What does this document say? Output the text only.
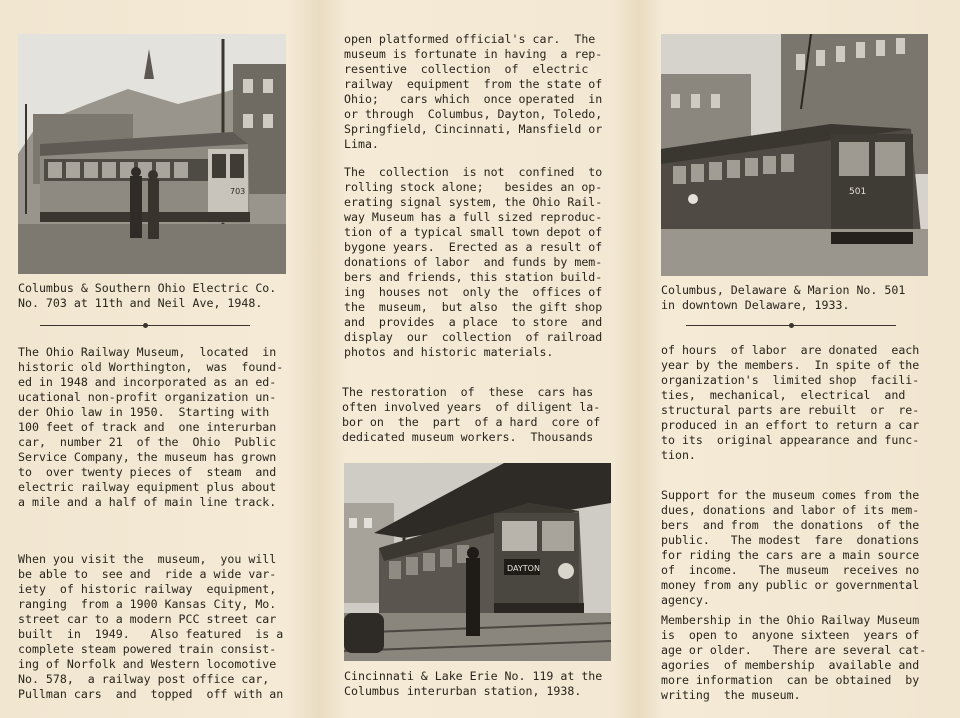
703
Columbus & Southern Ohio Electric Co.
No. 703 at 11th and Neil Ave, 1948.
The Ohio Railway Museum,  located  in
historic old Worthington,  was  found-
ed in 1948 and incorporated as an ed-
ucational non-profit organization un-
der Ohio law in 1950.  Starting with
100 feet of track and  one interurban
car,  number 21  of the  Ohio  Public
Service Company, the museum has grown
to  over twenty pieces of  steam  and
electric railway equipment plus about
a mile and a half of main line track.
When you visit the  museum,  you will
be able to  see and  ride a wide var-
iety  of historic railway  equipment,
ranging  from a 1900 Kansas City, Mo.
street car to a modern PCC street car
built  in  1949.   Also featured  is a
complete steam powered train consist-
ing of Norfolk and Western locomotive
No. 578,  a railway post office car,
Pullman cars  and  topped  off with an
open platformed official's car.  The
museum is fortunate in having  a rep-
resentive  collection  of  electric
railway  equipment  from the state of
Ohio;   cars which  once operated  in
or through  Columbus, Dayton, Toledo,
Springfield, Cincinnati, Mansfield or
Lima.
The  collection  is not  confined  to
rolling stock alone;   besides an op-
erating signal system, the Ohio Rail-
way Museum has a full sized reproduc-
tion of a typical small town depot of
bygone years.  Erected as a result of
donations of labor  and funds by mem-
bers and friends, this station build-
ing  houses not  only the  offices of
the  museum,  but also  the gift shop
and  provides  a place  to store  and
display  our  collection  of railroad
photos and historic materials.
The restoration  of  these  cars has
often involved years  of diligent la-
bor on  the  part  of a hard  core of
dedicated museum workers.  Thousands
DAYTON
Cincinnati & Lake Erie No. 119 at the
Columbus interurban station, 1938.
501
Columbus, Delaware & Marion No. 501
in downtown Delaware, 1933.
of hours  of labor  are donated  each
year by the members.  In spite of the
organization's  limited shop  facili-
ties,  mechanical,  electrical  and
structural parts are rebuilt  or  re-
produced in an effort to return a car
to its  original appearance and func-
tion.
Support for the museum comes from the
dues, donations and labor of its mem-
bers  and from  the donations  of the
public.   The modest  fare  donations
for riding the cars are a main source
of  income.   The museum  receives no
money from any public or governmental
agency.
Membership in the Ohio Railway Museum
is  open to  anyone sixteen  years of
age or older.   There are several cat-
agories  of membership  available and
more information  can be obtained  by
writing  the museum.
